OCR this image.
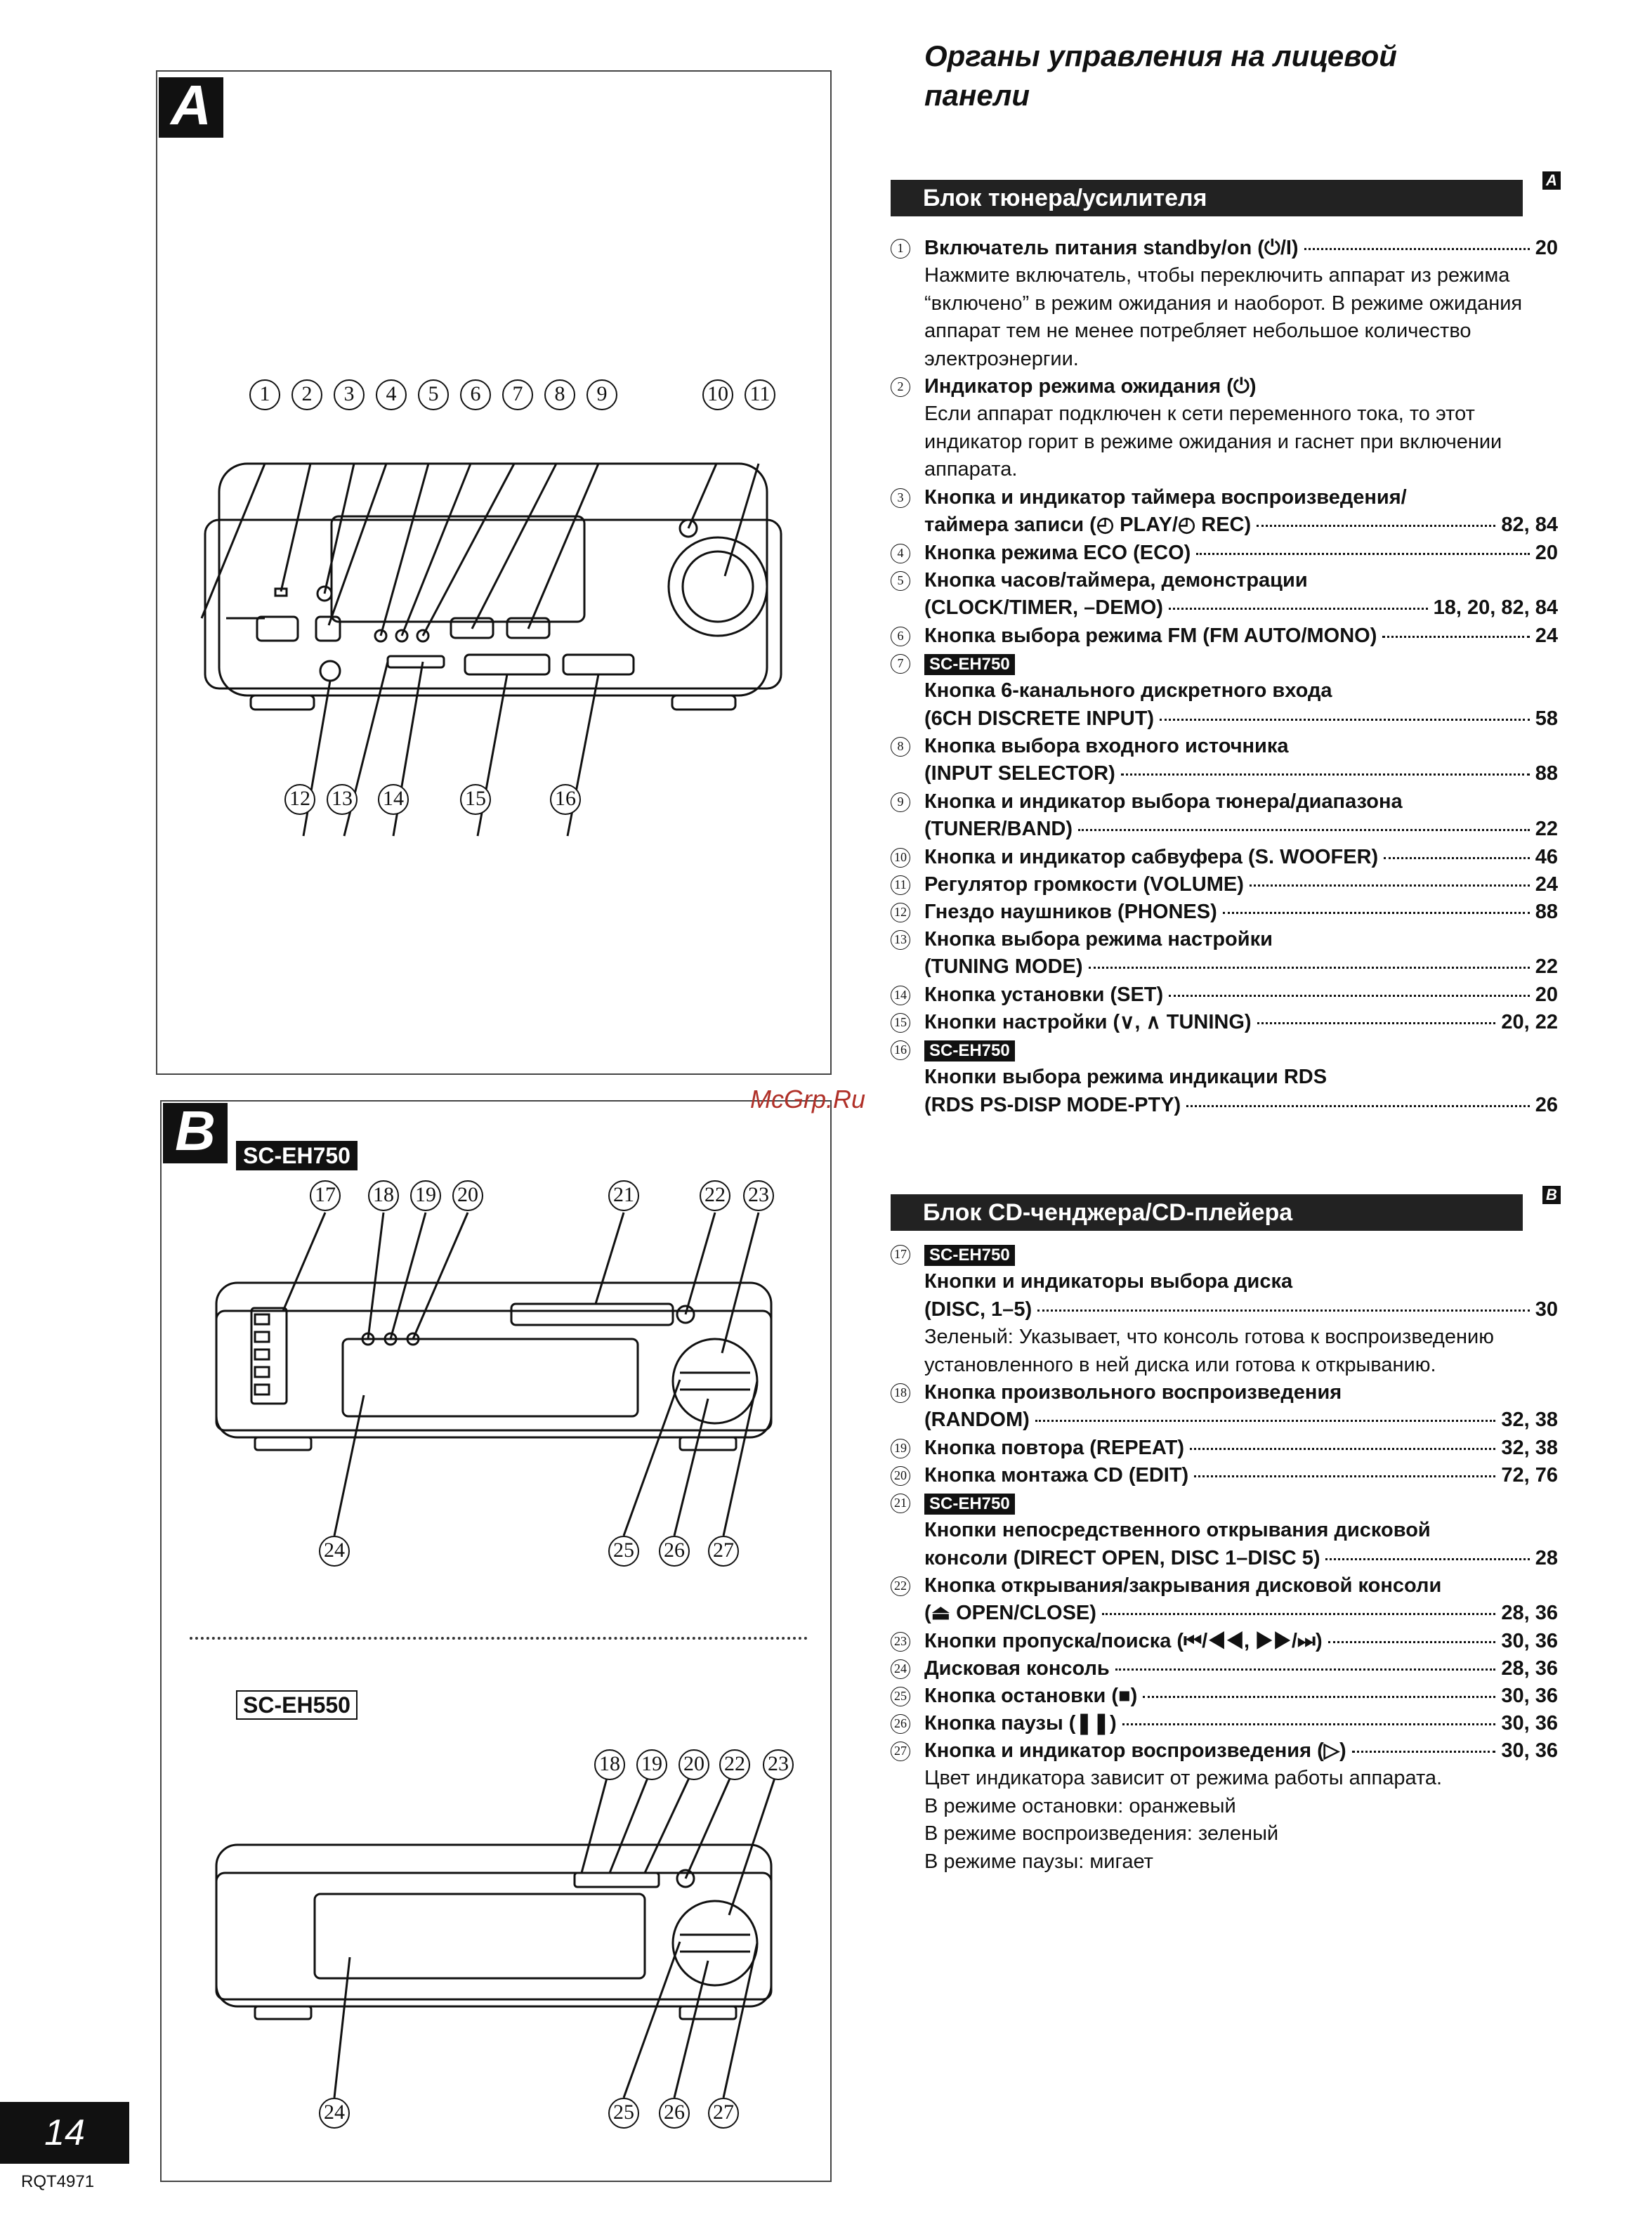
A
1	2	3	4	5	6	7	8	9	10 11
12 13 14	15	16
B	SC-EH750
SC-EH550
17 18 19 20	21	22 23
24	25 26 27
18 19 20 22 23
24	25 26 27
14
RQT4971
Органы управления на лицевой панели
Блок тюнера/усилителя
A
1	Включатель питания standby/on (⏻/I)	20
Нажмите включатель, чтобы переключить аппарат из режима “включено” в режим ожидания и наоборот. В режиме ожидания аппарат тем не менее потребляет небольшое количество электроэнергии.
2	Индикатор режима ожидания (⏻)
Если аппарат подключен к сети переменного тока, то этот индикатор горит в режиме ожидания и гаснет при включении аппарата.
3	Кнопка и индикатор таймера воспроизведения/
таймера записи (◴ PLAY/◴ REC)	82, 84
4	Кнопка режима ECO (ECO)	20
5	Кнопка часов/таймера, демонстрации
(CLOCK/TIMER, –DEMO)	18, 20, 82, 84
6	Кнопка выбора режима FM (FM AUTO/MONO)	24
7	SC-EH750
Кнопка 6-канального дискретного входа
(6CH DISCRETE INPUT)	58
8	Кнопка выбора входного источника
(INPUT SELECTOR)	88
9	Кнопка и индикатор выбора тюнера/диапазона
(TUNER/BAND)	22
10 Кнопка и индикатор сабвуфера (S. WOOFER)	46
11 Регулятор громкости (VOLUME)	24
12 Гнездо наушников (PHONES)	88
13 Кнопка выбора режима настройки
(TUNING MODE)	22
14 Кнопка установки (SET)	20
15 Кнопки настройки (∨, ∧ TUNING)	20, 22
16 SC-EH750
Кнопки выбора режима индикации RDS
(RDS PS-DISP MODE-PTY)	26
Блок CD-ченджера/CD-плейера
B
17 SC-EH750
Кнопки и индикаторы выбора диска
(DISC, 1–5)	30
Зеленый: Указывает, что консоль готова к воспроизведению установленного в ней диска или готова к открыванию.
18 Кнопка произвольного воспроизведения
(RANDOM)	32, 38
19 Кнопка повтора (REPEAT)	32, 38
20 Кнопка монтажа CD (EDIT)	72, 76
21 SC-EH750
Кнопки непосредственного открывания дисковой
консоли (DIRECT OPEN, DISC 1–DISC 5)	28
22 Кнопка открывания/закрывания дисковой консоли
(⏏ OPEN/CLOSE)	28, 36
23 Кнопки пропуска/поиска (⏮/◀◀, ▶▶/⏭)	30, 36
24 Дисковая консоль	28, 36
25 Кнопка остановки (■)	30, 36
26 Кнопка паузы (❚❚)	30, 36
27 Кнопка и индикатор воспроизведения (▷)	30, 36
Цвет индикатора зависит от режима работы аппарата.
В режиме остановки: оранжевый
В режиме воспроизведения: зеленый
В режиме паузы: мигает
McGrp.Ru
